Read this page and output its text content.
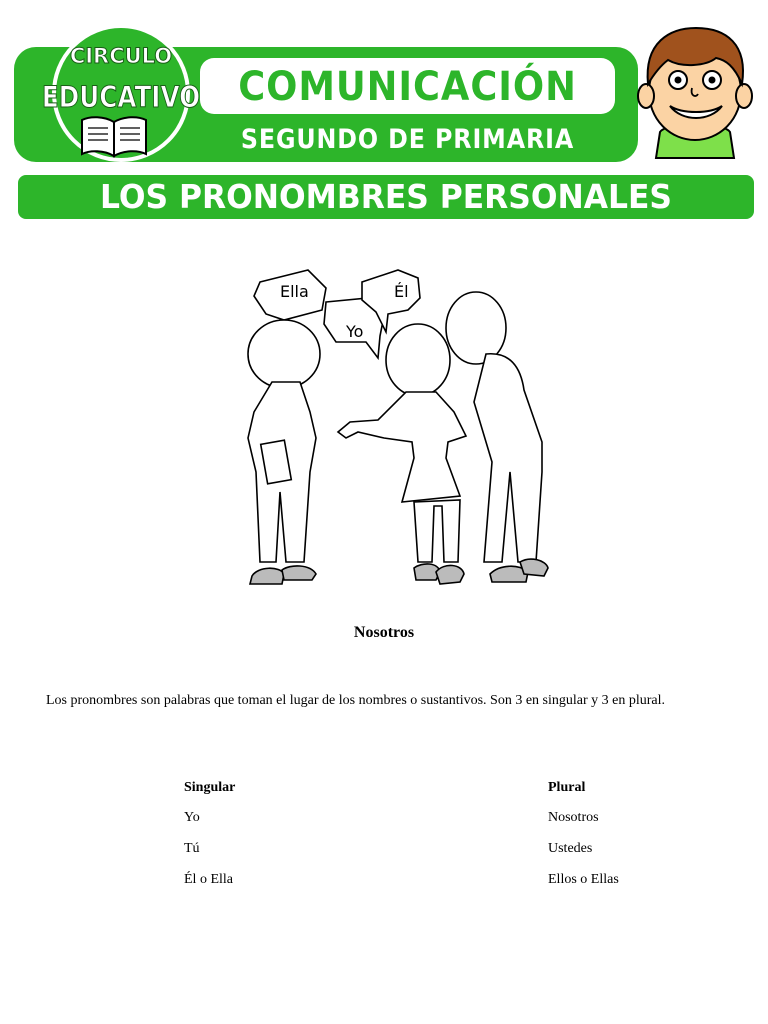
COMUNICACIÓN
SEGUNDO DE PRIMARIA
CIRCULO
EDUCATIVO
LOS PRONOMBRES PERSONALES
Ella
Yo
Él
Nosotros

Los pronombres son palabras que toman el lugar de los nombres o sustantivos. Son 3 en singular y 3 en plural.

Singular
Yo
Tú
Él o Ella
Plural
Nosotros
Ustedes
Ellos o Ellas
